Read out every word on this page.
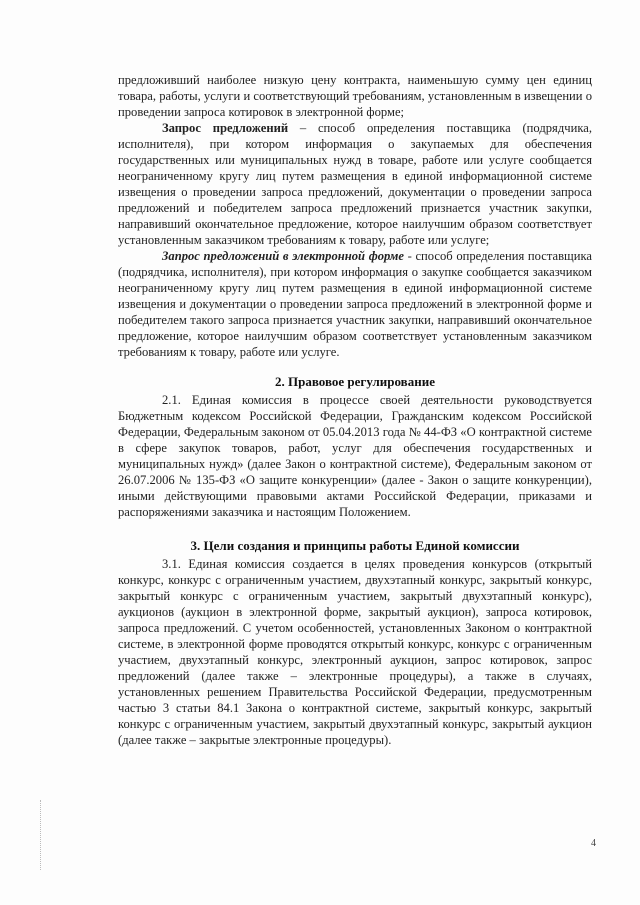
предложивший наиболее низкую цену контракта, наименьшую сумму цен единиц товара, работы, услуги и соответствующий требованиям, установленным в извещении о проведении запроса котировок в электронной форме;

Запрос предложений – способ определения поставщика (подрядчика, исполнителя), при котором информация о закупаемых для обеспечения государственных или муниципальных нужд в товаре, работе или услуге сообщается неограниченному кругу лиц путем размещения в единой информационной системе извещения о проведении запроса предложений, документации о проведении запроса предложений и победителем запроса предложений признается участник закупки, направивший окончательное предложение, которое наилучшим образом соответствует установленным заказчиком требованиям к товару, работе или услуге;

Запрос предложений в электронной форме - способ определения поставщика (подрядчика, исполнителя), при котором информация о закупке сообщается заказчиком неограниченному кругу лиц путем размещения в единой информационной системе извещения и документации о проведении запроса предложений в электронной форме и победителем такого запроса признается участник закупки, направивший окончательное предложение, которое наилучшим образом соответствует установленным заказчиком требованиям к товару, работе или услуге.

2. Правовое регулирование

2.1. Единая комиссия в процессе своей деятельности руководствуется Бюджетным кодексом Российской Федерации, Гражданским кодексом Российской Федерации, Федеральным законом от 05.04.2013 года № 44-ФЗ «О контрактной системе в сфере закупок товаров, работ, услуг для обеспечения государственных и муниципальных нужд» (далее Закон о контрактной системе), Федеральным законом от 26.07.2006 № 135-ФЗ «О защите конкуренции» (далее - Закон о защите конкуренции), иными действующими правовыми актами Российской Федерации, приказами и распоряжениями заказчика и настоящим Положением.

3. Цели создания и принципы работы Единой комиссии

3.1. Единая комиссия создается в целях проведения конкурсов (открытый конкурс, конкурс с ограниченным участием, двухэтапный конкурс, закрытый конкурс, закрытый конкурс с ограниченным участием, закрытый двухэтапный конкурс), аукционов (аукцион в электронной форме, закрытый аукцион), запроса котировок, запроса предложений. С учетом особенностей, установленных Законом о контрактной системе, в электронной форме проводятся открытый конкурс, конкурс с ограниченным участием, двухэтапный конкурс, электронный аукцион, запрос котировок, запрос предложений (далее также – электронные процедуры), а также в случаях, установленных решением Правительства Российской Федерации, предусмотренным частью 3 статьи 84.1 Закона о контрактной системе, закрытый конкурс, закрытый конкурс с ограниченным участием, закрытый двухэтапный конкурс, закрытый аукцион (далее также – закрытые электронные процедуры).

4
